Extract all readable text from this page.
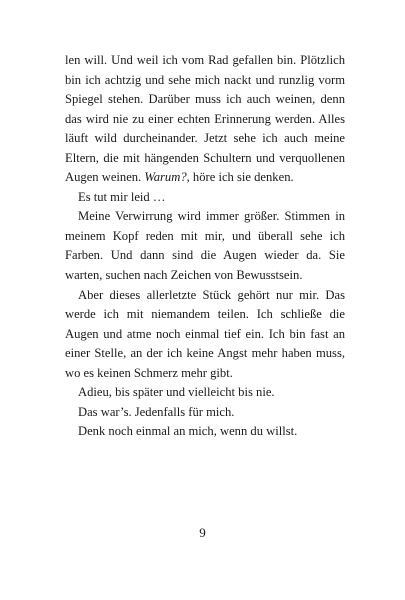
len will. Und weil ich vom Rad gefallen bin. Plötzlich bin ich achtzig und sehe mich nackt und runzlig vorm Spiegel stehen. Darüber muss ich auch weinen, denn das wird nie zu einer echten Erinnerung werden. Alles läuft wild durcheinander. Jetzt sehe ich auch meine Eltern, die mit hängenden Schultern und verquollenen Augen weinen. Warum?, höre ich sie denken.

Es tut mir leid …

Meine Verwirrung wird immer größer. Stimmen in meinem Kopf reden mit mir, und überall sehe ich Farben. Und dann sind die Augen wieder da. Sie warten, suchen nach Zeichen von Bewusstsein.

Aber dieses allerletzte Stück gehört nur mir. Das werde ich mit niemandem teilen. Ich schließe die Augen und atme noch einmal tief ein. Ich bin fast an einer Stelle, an der ich keine Angst mehr haben muss, wo es keinen Schmerz mehr gibt.

Adieu, bis später und vielleicht bis nie.

Das war’s. Jedenfalls für mich.

Denk noch einmal an mich, wenn du willst.

9
